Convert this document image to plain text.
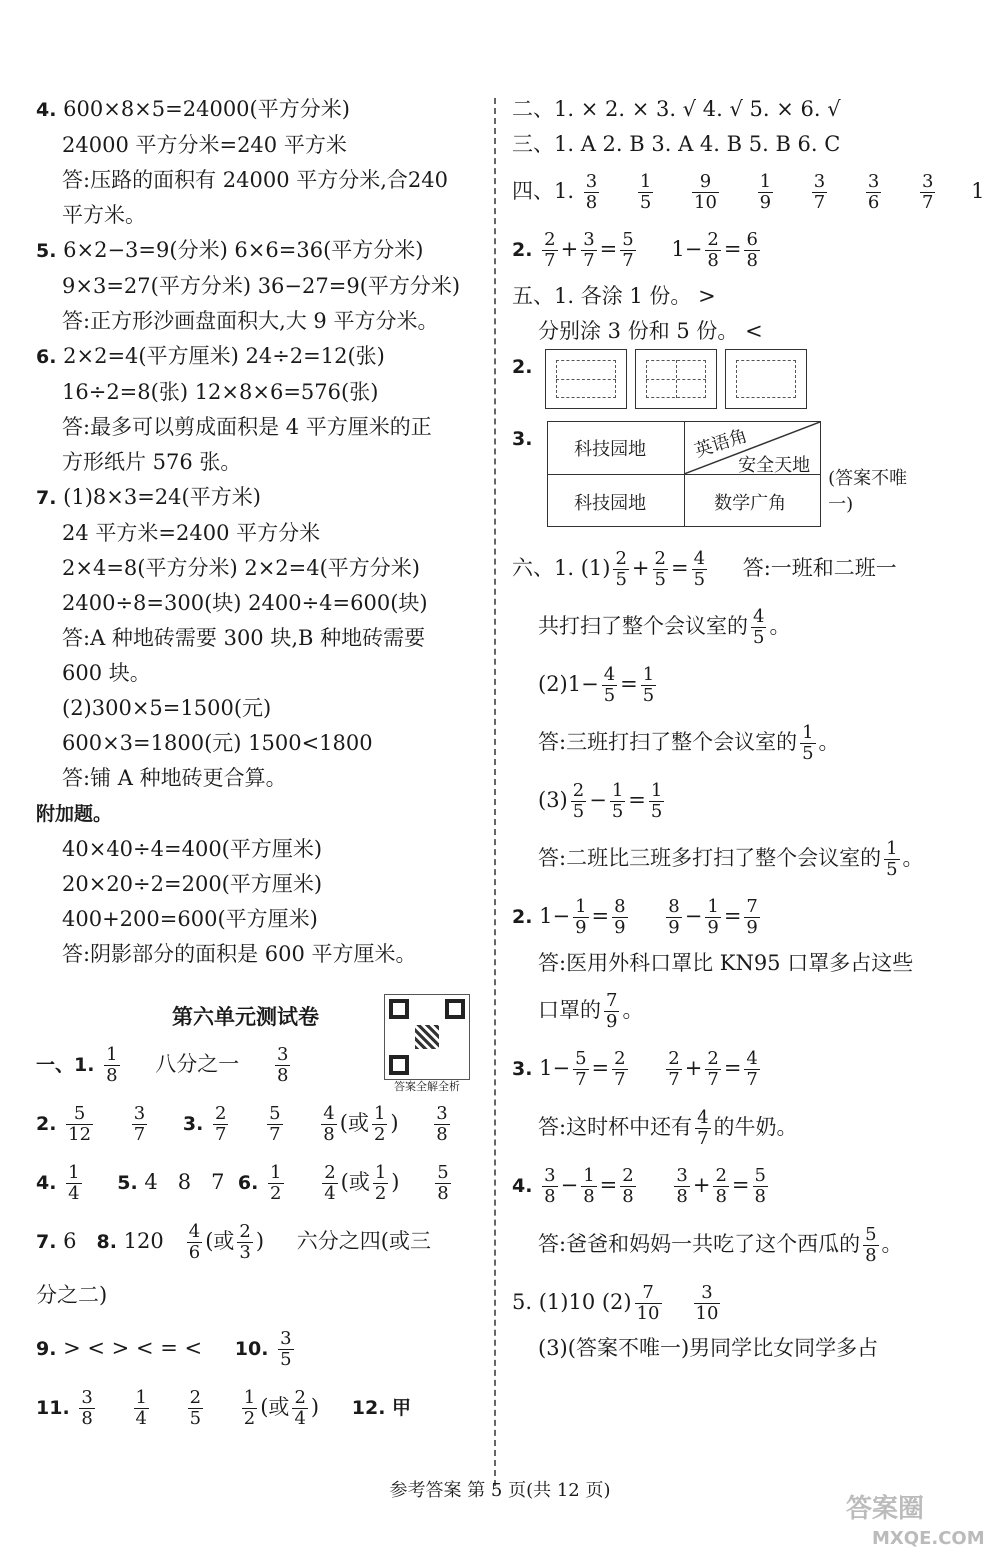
4. 600×8×5=24000(平方分米)
24000 平方分米=240 平方米
答:压路的面积有 24000 平方分米,合240
平方米。
5. 6×2−3=9(分米) 6×6=36(平方分米)
9×3=27(平方分米) 36−27=9(平方分米)
答:正方形沙画盘面积大,大 9 平方分米。
6. 2×2=4(平方厘米) 24÷2=12(张)
16÷2=8(张) 12×8×6=576(张)
答:最多可以剪成面积是 4 平方厘米的正
方形纸片 576 张。
7. (1)8×3=24(平方米)
24 平方米=2400 平方分米
2×4=8(平方分米) 2×2=4(平方分米)
2400÷8=300(块) 2400÷4=600(块)
答:A 种地砖需要 300 块,B 种地砖需要
600 块。
(2)300×5=1500(元)
600×3=1800(元) 1500<1800
答:铺 A 种地砖更合算。
附加题。
40×40÷4=400(平方厘米)
20×20÷2=200(平方厘米)
400+200=600(平方厘米)
答:阴影部分的面积是 600 平方厘米。
答案全解全析
第六单元测试卷
一、1. $\frac{1}{8}$ 八分之一 $\frac{3}{8}$
2. $\frac{5}{12}$
$\frac{3}{7} 3$. $\frac{2}{7}$
$\frac{5}{7}$
$\frac{4}{8}$ (或 $\frac{1}{2}$ ) $\frac{3}{8}$
4. $\frac{1}{4} 5$. 4   8   7  6. $\frac{1}{2}$
$\frac{2}{4}$ (或 $\frac{1}{2}$ ) $\frac{5}{8}$
7. 6   8. $120 \frac{4}{6}$ (或 $\frac{2}{3}$ ) 六分之四(或三
分之二)
9. > < > < = < 10. $\frac{3}{5}$
11. $\frac{3}{8}$
$\frac{1}{4}$
$\frac{2}{5}$
$\frac{1}{2}$ (或 $\frac{2}{4}$ ) 12. 甲
二、1. × 2. × 3. √ 4. √ 5. × 6. √
三、1. A 2. B 3. A 4. B 5. B 6. C
四、1. $\frac{3}{8}$
$\frac{1}{5}$
$\frac{9}{10}$
$\frac{1}{9}$
$\frac{3}{7}$
$\frac{3}{6}$
$\frac{3}{7} 1$
2. $\frac{2}{7} + \frac{3}{7} = \frac{5}{7} 1- \frac{2}{8} = \frac{6}{8}$
五、1. 各涂 1 份。 >
分别涂 3 份和 5 份。 <
2.
3. 科技园地	英语角
安全天地
科技园地	数学广角
(答案不唯一)
六、1. $(1) \frac{2}{5} + \frac{2}{5} = \frac{4}{5}$ 答:一班和二班一
共打扫了整个会议室的 $\frac{4}{5}$ 。
$(2)1- \frac{4}{5} = \frac{1}{5}$
答:三班打扫了整个会议室的 $\frac{1}{5}$ 。
$(3) \frac{2}{5} - \frac{1}{5} = \frac{1}{5}$
答:二班比三班多打扫了整个会议室的 $\frac{1}{5}$ 。
2. $1- \frac{1}{9} = \frac{8}{9}$
$\frac{8}{9} - \frac{1}{9} = \frac{7}{9}$
答:医用外科口罩比 KN95 口罩多占这些
口罩的 $\frac{7}{9}$ 。
3. $1- \frac{5}{7} = \frac{2}{7}$
$\frac{2}{7} + \frac{2}{7} = \frac{4}{7}$
答:这时杯中还有 $\frac{4}{7}$ 的牛奶。
4. $\frac{3}{8} - \frac{1}{8} = \frac{2}{8}$
$\frac{3}{8} + \frac{2}{8} = \frac{5}{8}$
答:爸爸和妈妈一共吃了这个西瓜的 $\frac{5}{8}$ 。
5. (1)10 $(2) \frac{7}{10} \frac{3}{10}$
(3)(答案不唯一)男同学比女同学多占
参考答案 第 5 页(共 12 页)
答案圈
MXQE.COM
